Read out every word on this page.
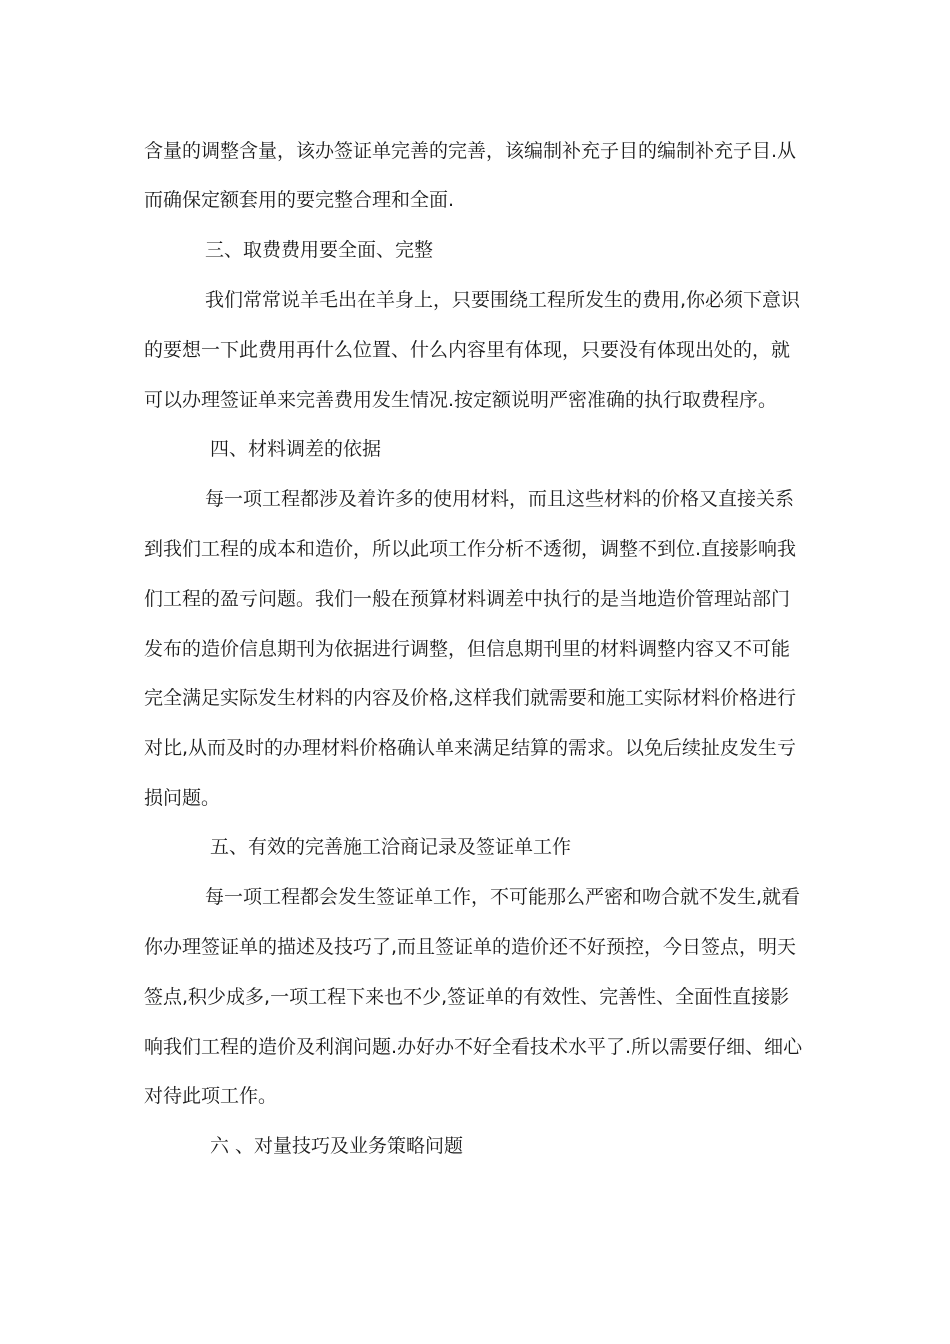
含量的调整含量，该办签证单完善的完善，该编制补充子目的编制补充子目.从
而确保定额套用的要完整合理和全面.
三、取费费用要全面、完整
我们常常说羊毛出在羊身上，只要围绕工程所发生的费用,你必须下意识
的要想一下此费用再什么位置、什么内容里有体现，只要没有体现出处的，就
可以办理签证单来完善费用发生情况.按定额说明严密准确的执行取费程序。
四、材料调差的依据
每一项工程都涉及着许多的使用材料，而且这些材料的价格又直接关系
到我们工程的成本和造价，所以此项工作分析不透彻，调整不到位.直接影响我
们工程的盈亏问题。我们一般在预算材料调差中执行的是当地造价管理站部门
发布的造价信息期刊为依据进行调整，但信息期刊里的材料调整内容又不可能
完全满足实际发生材料的内容及价格,这样我们就需要和施工实际材料价格进行
对比,从而及时的办理材料价格确认单来满足结算的需求。以免后续扯皮发生亏
损问题。
五、有效的完善施工洽商记录及签证单工作
每一项工程都会发生签证单工作，不可能那么严密和吻合就不发生,就看
你办理签证单的描述及技巧了,而且签证单的造价还不好预控，今日签点，明天
签点,积少成多,一项工程下来也不少,签证单的有效性、完善性、全面性直接影
响我们工程的造价及利润问题.办好办不好全看技术水平了.所以需要仔细、细心
对待此项工作。
六 、对量技巧及业务策略问题
